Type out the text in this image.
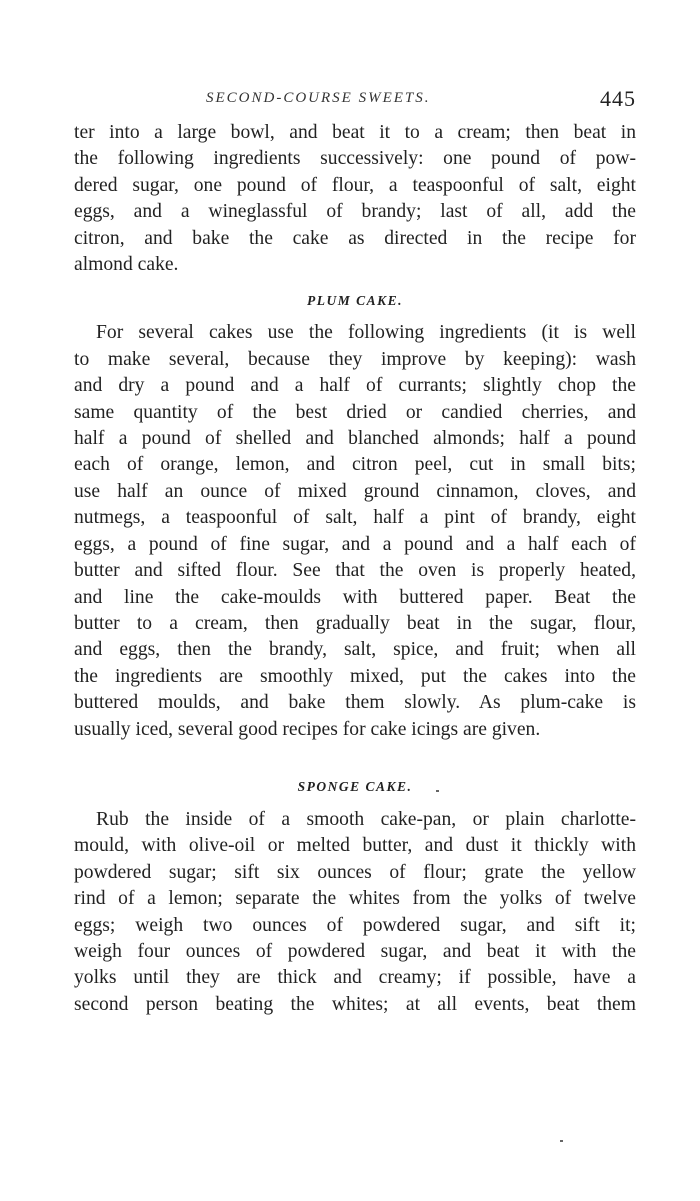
SECOND-COURSE SWEETS.	445

ter into a large bowl, and beat it to a cream; then beat in
the following ingredients successively: one pound of pow-
dered sugar, one pound of flour, a teaspoonful of salt, eight
eggs, and a wineglassful of brandy; last of all, add the
citron, and bake the cake as directed in the recipe for
almond cake.

PLUM CAKE.

For several cakes use the following ingredients (it is well
to make several, because they improve by keeping): wash
and dry a pound and a half of currants; slightly chop the
same quantity of the best dried or candied cherries, and
half a pound of shelled and blanched almonds; half a pound
each of orange, lemon, and citron peel, cut in small bits;
use half an ounce of mixed ground cinnamon, cloves, and
nutmegs, a teaspoonful of salt, half a pint of brandy, eight
eggs, a pound of fine sugar, and a pound and a half each of
butter and sifted flour. See that the oven is properly heated,
and line the cake-moulds with buttered paper. Beat the
butter to a cream, then gradually beat in the sugar, flour,
and eggs, then the brandy, salt, spice, and fruit; when all
the ingredients are smoothly mixed, put the cakes into the
buttered moulds, and bake them slowly. As plum-cake is
usually iced, several good recipes for cake icings are given.

SPONGE CAKE.

Rub the inside of a smooth cake-pan, or plain charlotte-
mould, with olive-oil or melted butter, and dust it thickly with
powdered sugar; sift six ounces of flour; grate the yellow
rind of a lemon; separate the whites from the yolks of twelve
eggs; weigh two ounces of powdered sugar, and sift it;
weigh four ounces of powdered sugar, and beat it with the
yolks until they are thick and creamy; if possible, have a
second person beating the whites; at all events, beat them
